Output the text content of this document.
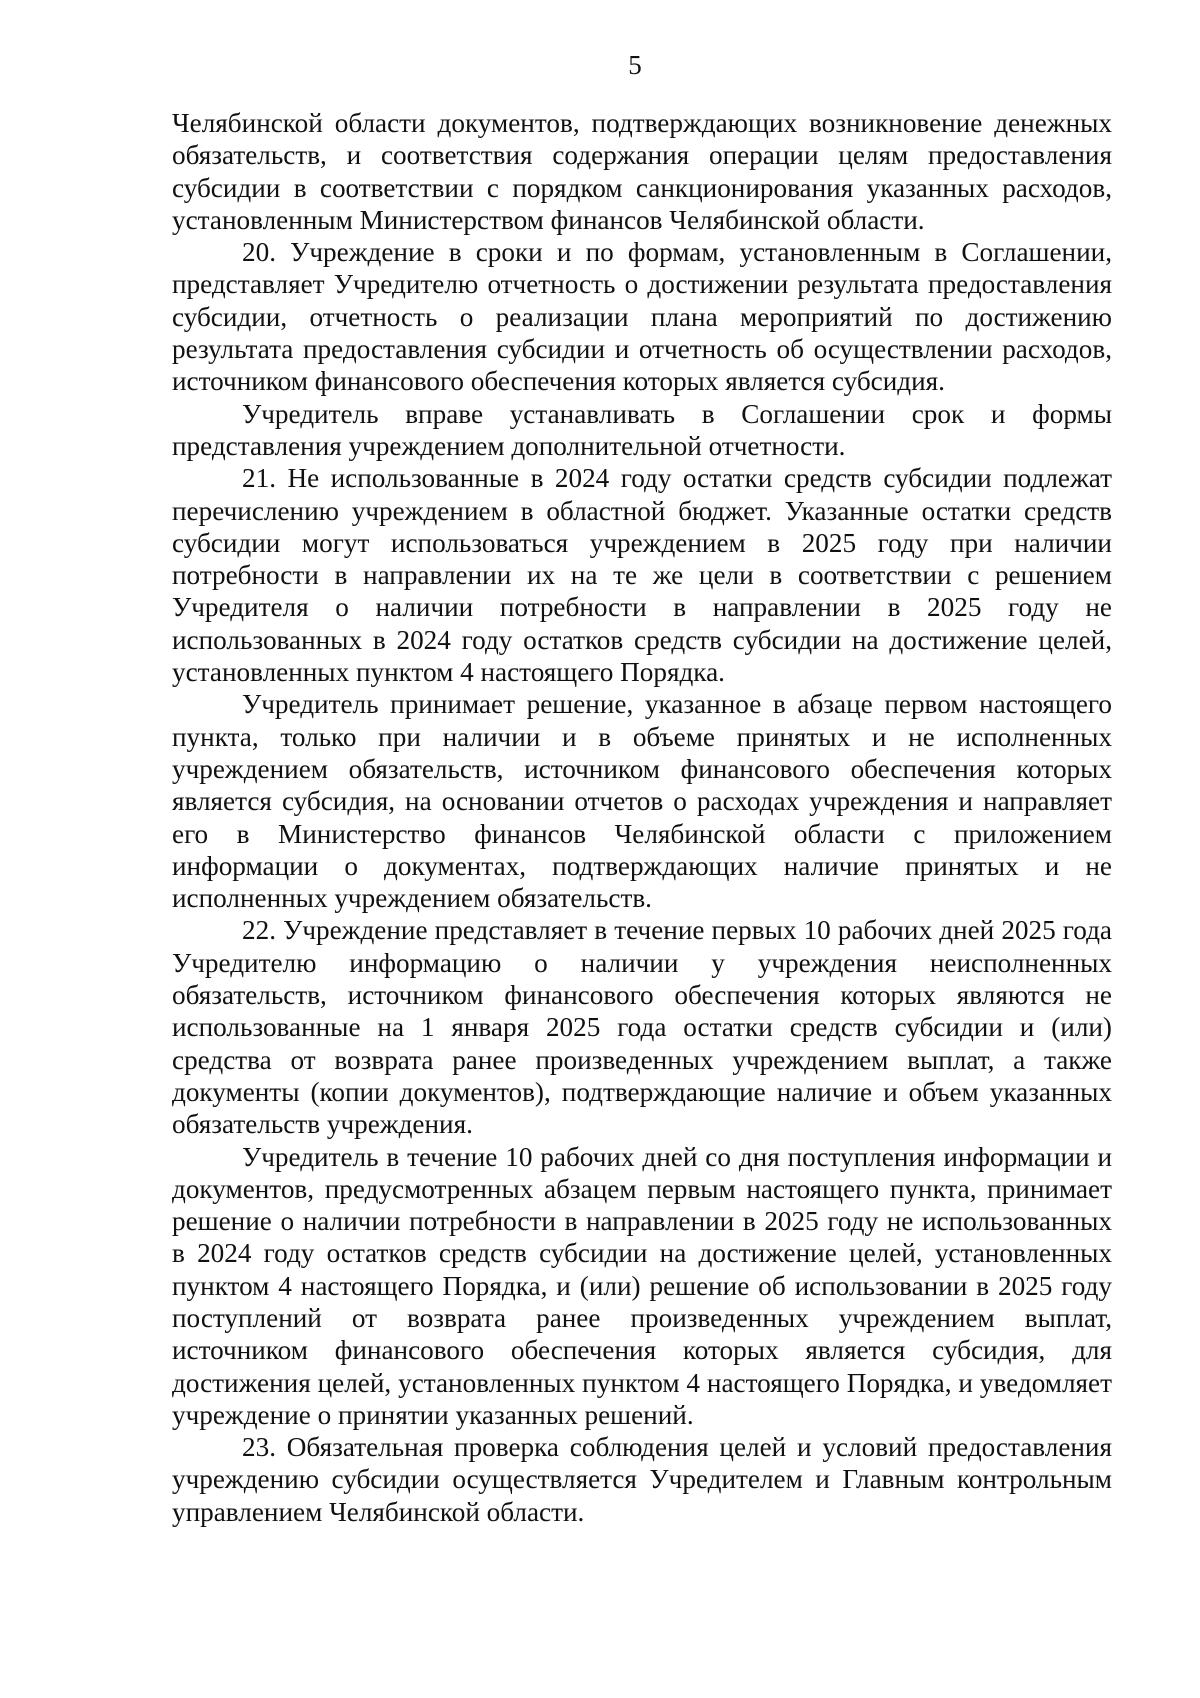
5

Челябинской области документов, подтверждающих возникновение денежных обязательств, и соответствия содержания операции целям предоставления субсидии в соответствии с порядком санкционирования указанных расходов, установленным Министерством финансов Челябинской области.

20. Учреждение в сроки и по формам, установленным в Соглашении, представляет Учредителю отчетность о достижении результата предоставления субсидии, отчетность о реализации плана мероприятий по достижению результата предоставления субсидии и отчетность об осуществлении расходов, источником финансового обеспечения которых является субсидия.

Учредитель вправе устанавливать в Соглашении срок и формы представления учреждением дополнительной отчетности.

21. Не использованные в 2024 году остатки средств субсидии подлежат перечислению учреждением в областной бюджет. Указанные остатки средств субсидии могут использоваться учреждением в 2025 году при наличии потребности в направлении их на те же цели в соответствии с решением Учредителя о наличии потребности в направлении в 2025 году не использованных в 2024 году остатков средств субсидии на достижение целей, установленных пунктом 4 настоящего Порядка.

Учредитель принимает решение, указанное в абзаце первом настоящего пункта, только при наличии и в объеме принятых и не исполненных учреждением обязательств, источником финансового обеспечения которых является субсидия, на основании отчетов о расходах учреждения и направляет его в Министерство финансов Челябинской области с приложением информации о документах, подтверждающих наличие принятых и не исполненных учреждением обязательств.

22. Учреждение представляет в течение первых 10 рабочих дней 2025 года Учредителю информацию о наличии у учреждения неисполненных обязательств, источником финансового обеспечения которых являются не использованные на 1 января 2025 года остатки средств субсидии и (или) средства от возврата ранее произведенных учреждением выплат, а также документы (копии документов), подтверждающие наличие и объем указанных обязательств учреждения.

Учредитель в течение 10 рабочих дней со дня поступления информации и документов, предусмотренных абзацем первым настоящего пункта, принимает решение о наличии потребности в направлении в 2025 году не использованных в 2024 году остатков средств субсидии на достижение целей, установленных пунктом 4 настоящего Порядка, и (или) решение об использовании в 2025 году поступлений от возврата ранее произведенных учреждением выплат, источником финансового обеспечения которых является субсидия, для достижения целей, установленных пунктом 4 настоящего Порядка, и уведомляет учреждение о принятии указанных решений.

23. Обязательная проверка соблюдения целей и условий предоставления учреждению субсидии осуществляется Учредителем и Главным контрольным управлением Челябинской области.
